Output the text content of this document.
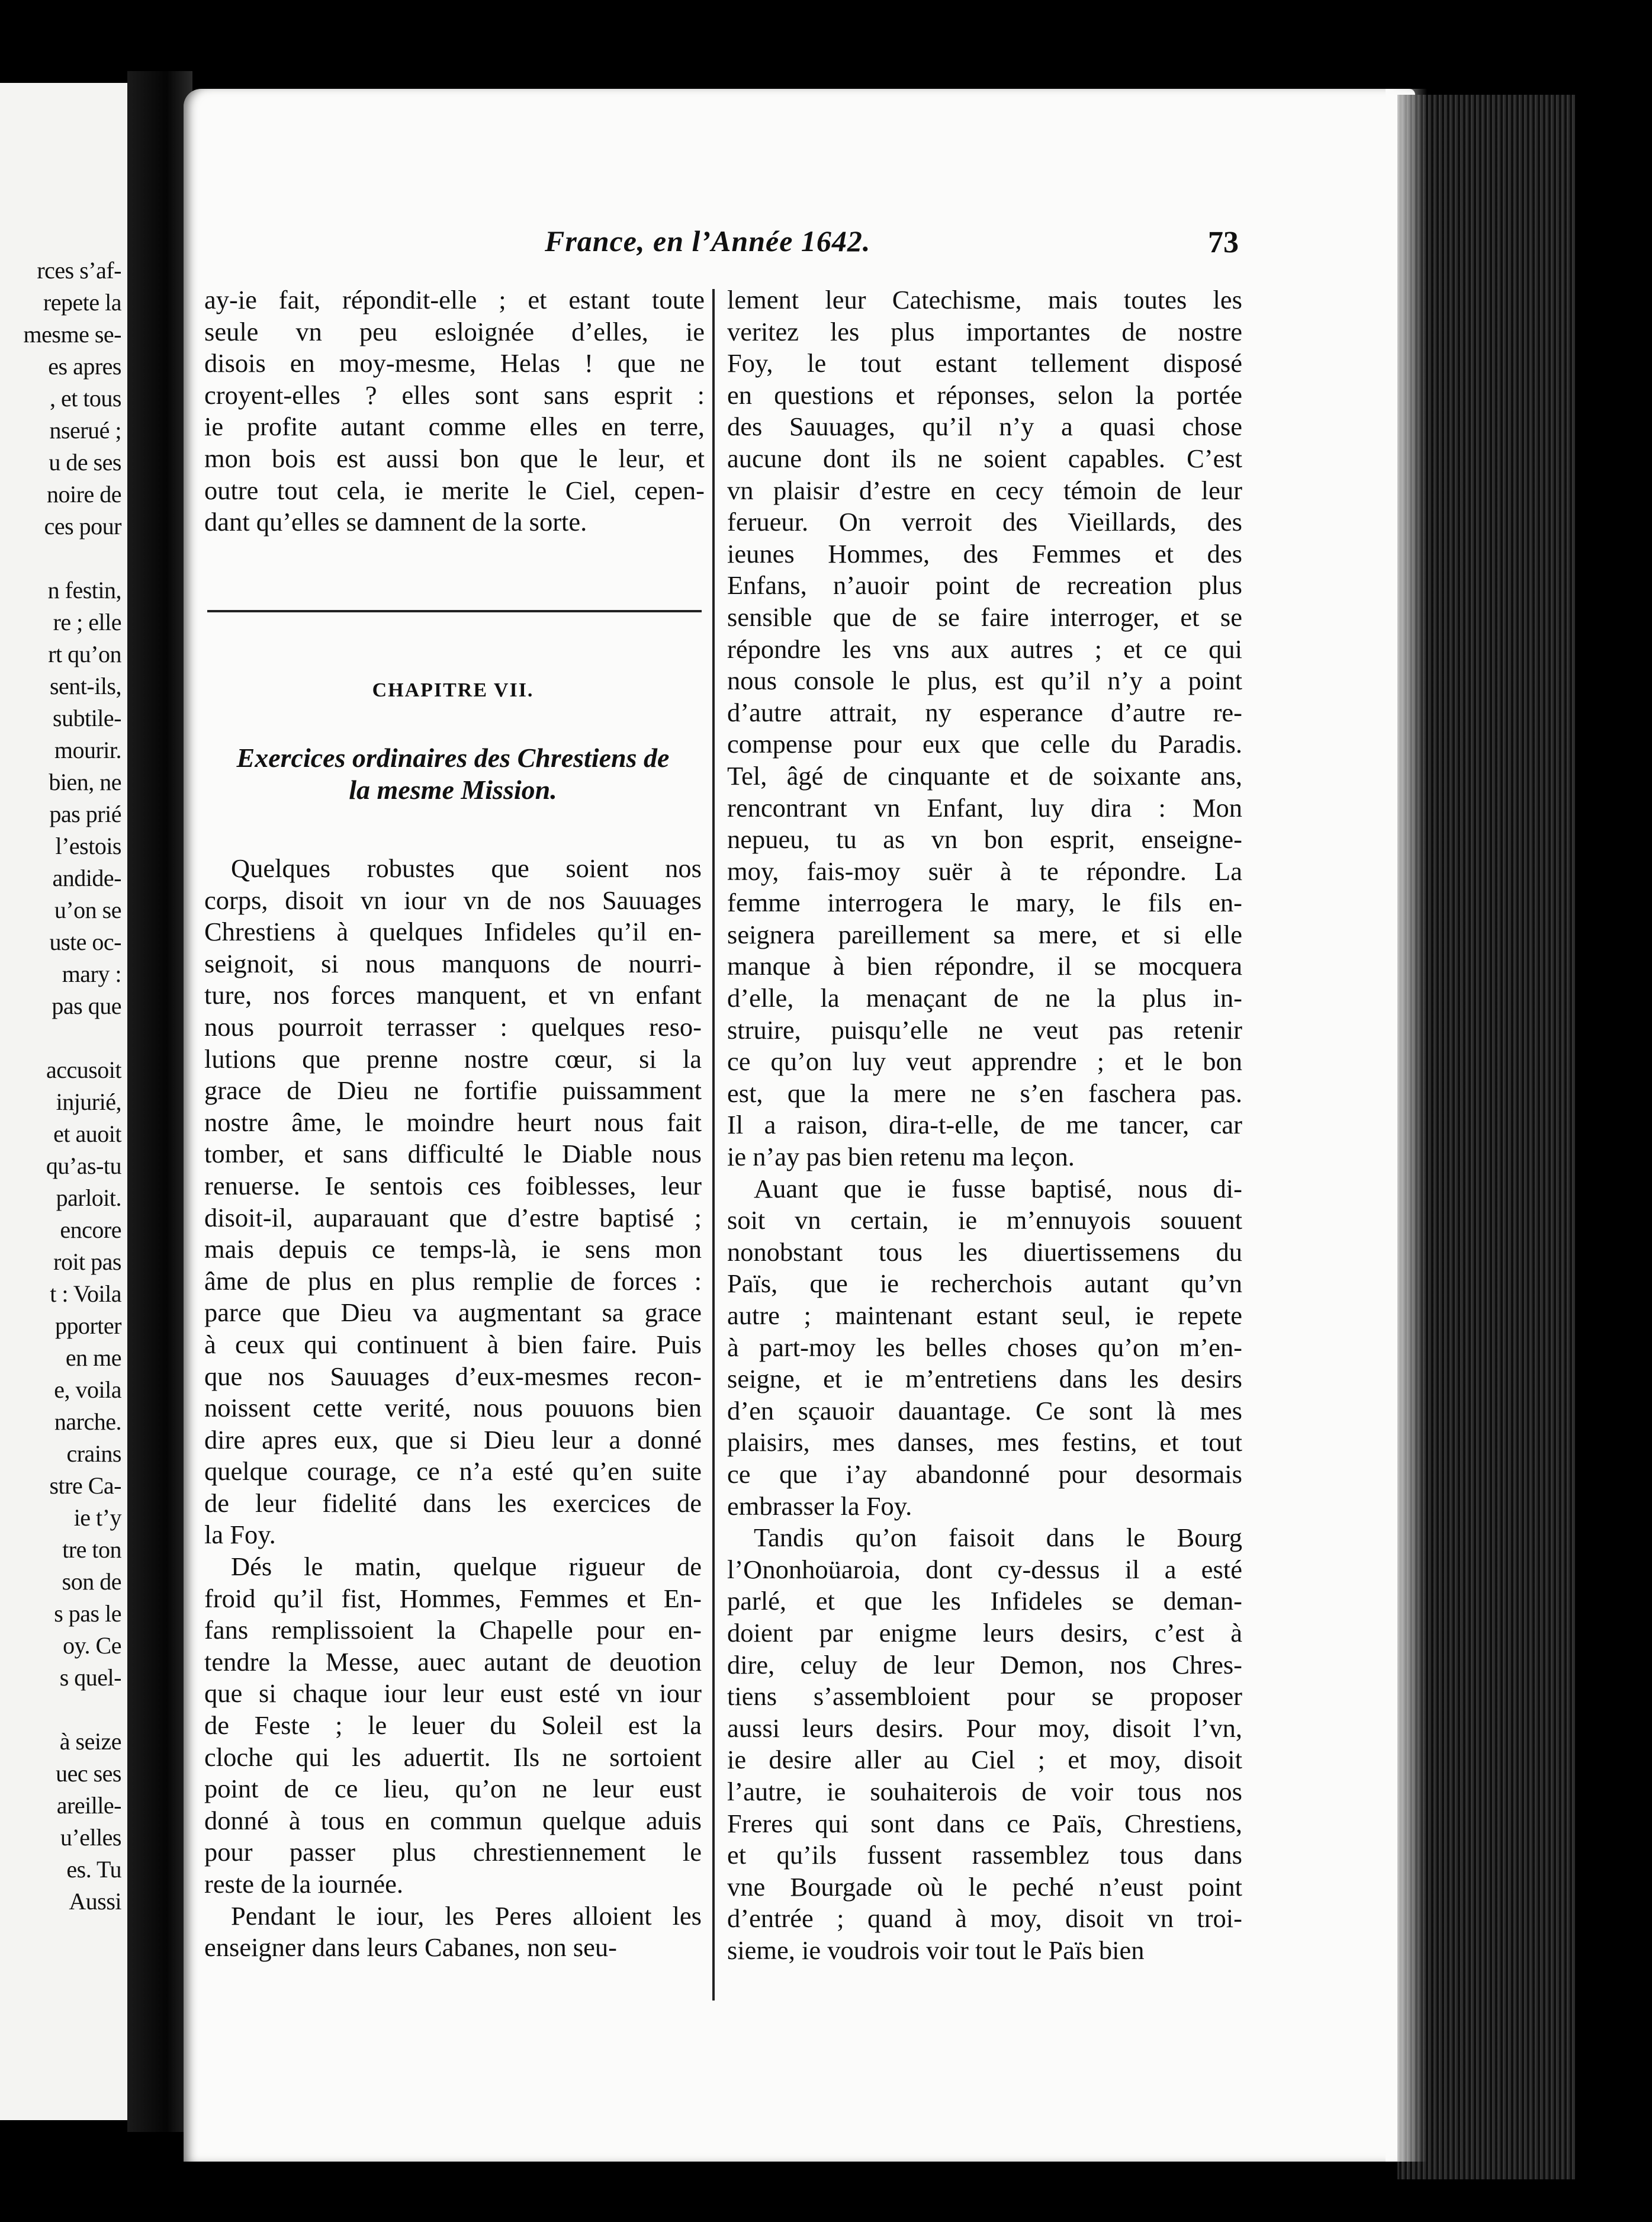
rces s’af-
repete la
mesme se-
es apres
, et tous
nserué ;
u de ses
noire de
ces pour
n festin,
re ; elle
rt qu’on
sent-ils,
subtile-
mourir.
bien, ne
pas prié
l’estois
andide-
u’on se
uste oc-
mary :
pas que
accusoit
injurié,
et auoit
qu’as-tu
parloit.
encore
roit pas
t : Voila
pporter
en me
e, voila
narche.
crains
stre Ca-
ie t’y
tre ton
son de
s pas le
oy. Ce
s quel-
à seize
uec ses
areille-
u’elles
es. Tu
Aussi
France, en l’Année 1642.	73
ay-ie fait, répondit-elle ; et estant toute
seule vn peu esloignée d’elles, ie
disois en moy-mesme, Helas ! que ne
croyent-elles ? elles sont sans esprit :
ie profite autant comme elles en terre,
mon bois est aussi bon que le leur, et
outre tout cela, ie merite le Ciel, cepen-
dant qu’elles se damnent de la sorte.
CHAPITRE VII.
Exercices ordinaires des Chrestiens de
la mesme Mission.
Quelques robustes que soient nos
corps, disoit vn iour vn de nos Sauuages
Chrestiens à quelques Infideles qu’il en-
seignoit, si nous manquons de nourri-
ture, nos forces manquent, et vn enfant
nous pourroit terrasser : quelques reso-
lutions que prenne nostre cœur, si la
grace de Dieu ne fortifie puissamment
nostre âme, le moindre heurt nous fait
tomber, et sans difficulté le Diable nous
renuerse. Ie sentois ces foiblesses, leur
disoit-il, auparauant que d’estre baptisé ;
mais depuis ce temps-là, ie sens mon
âme de plus en plus remplie de forces :
parce que Dieu va augmentant sa grace
à ceux qui continuent à bien faire. Puis
que nos Sauuages d’eux-mesmes recon-
noissent cette verité, nous pouuons bien
dire apres eux, que si Dieu leur a donné
quelque courage, ce n’a esté qu’en suite
de leur fidelité dans les exercices de
la Foy.
Dés le matin, quelque rigueur de
froid qu’il fist, Hommes, Femmes et En-
fans remplissoient la Chapelle pour en-
tendre la Messe, auec autant de deuotion
que si chaque iour leur eust esté vn iour
de Feste ; le leuer du Soleil est la
cloche qui les aduertit. Ils ne sortoient
point de ce lieu, qu’on ne leur eust
donné à tous en commun quelque aduis
pour passer plus chrestiennement le
reste de la iournée.
Pendant le iour, les Peres alloient les
enseigner dans leurs Cabanes, non seu-
lement leur Catechisme, mais toutes les
veritez les plus importantes de nostre
Foy, le tout estant tellement disposé
en questions et réponses, selon la portée
des Sauuages, qu’il n’y a quasi chose
aucune dont ils ne soient capables. C’est
vn plaisir d’estre en cecy témoin de leur
ferueur. On verroit des Vieillards, des
ieunes Hommes, des Femmes et des
Enfans, n’auoir point de recreation plus
sensible que de se faire interroger, et se
répondre les vns aux autres ; et ce qui
nous console le plus, est qu’il n’y a point
d’autre attrait, ny esperance d’autre re-
compense pour eux que celle du Paradis.
Tel, âgé de cinquante et de soixante ans,
rencontrant vn Enfant, luy dira : Mon
nepueu, tu as vn bon esprit, enseigne-
moy, fais-moy suër à te répondre. La
femme interrogera le mary, le fils en-
seignera pareillement sa mere, et si elle
manque à bien répondre, il se mocquera
d’elle, la menaçant de ne la plus in-
struire, puisqu’elle ne veut pas retenir
ce qu’on luy veut apprendre ; et le bon
est, que la mere ne s’en faschera pas.
Il a raison, dira-t-elle, de me tancer, car
ie n’ay pas bien retenu ma leçon.
Auant que ie fusse baptisé, nous di-
soit vn certain, ie m’ennuyois souuent
nonobstant tous les diuertissemens du
Païs, que ie recherchois autant qu’vn
autre ; maintenant estant seul, ie repete
à part-moy les belles choses qu’on m’en-
seigne, et ie m’entretiens dans les desirs
d’en sçauoir dauantage. Ce sont là mes
plaisirs, mes danses, mes festins, et tout
ce que i’ay abandonné pour desormais
embrasser la Foy.
Tandis qu’on faisoit dans le Bourg
l’Ononhoüaroia, dont cy-dessus il a esté
parlé, et que les Infideles se deman-
doient par enigme leurs desirs, c’est à
dire, celuy de leur Demon, nos Chres-
tiens s’assembloient pour se proposer
aussi leurs desirs. Pour moy, disoit l’vn,
ie desire aller au Ciel ; et moy, disoit
l’autre, ie souhaiterois de voir tous nos
Freres qui sont dans ce Païs, Chrestiens,
et qu’ils fussent rassemblez tous dans
vne Bourgade où le peché n’eust point
d’entrée ; quand à moy, disoit vn troi-
sieme, ie voudrois voir tout le Païs bien
